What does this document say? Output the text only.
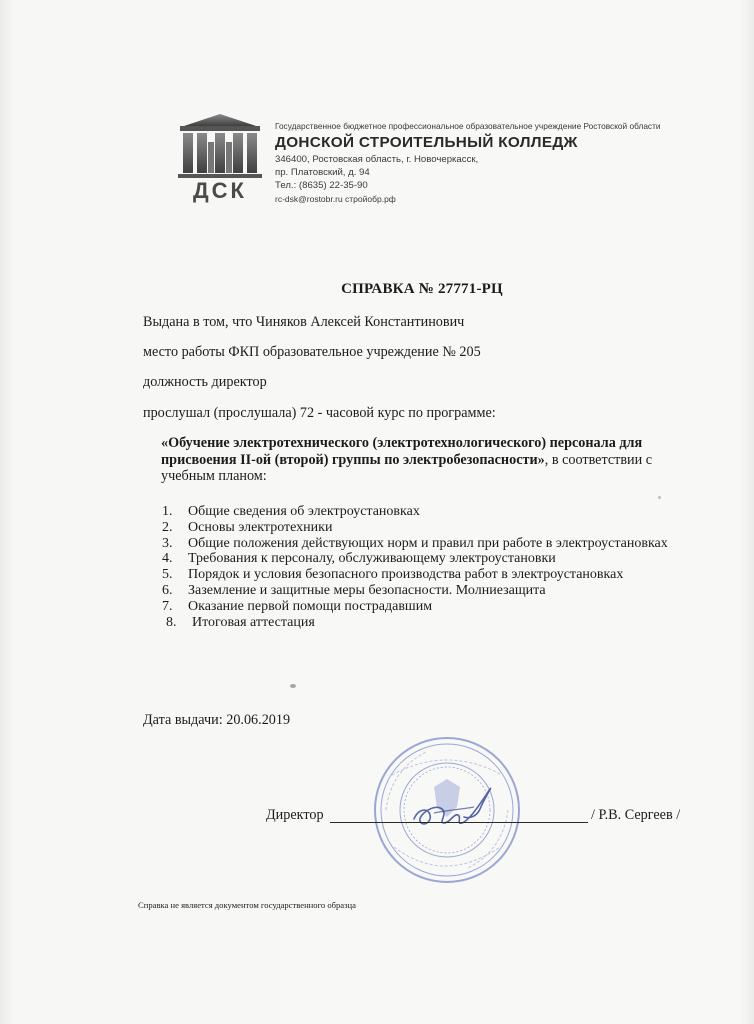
ДСК
Государственное бюджетное профессиональное образовательное учреждение Ростовской области
ДОНСКОЙ СТРОИТЕЛЬНЫЙ КОЛЛЕДЖ
346400, Ростовская область, г. Новочеркасск,
пр. Платовский, д. 94
Тел.: (8635) 22-35-90
rc-dsk@rostobr.ru стройобр.рф
СПРАВКА № 27771-РЦ
Выдана в том, что Чиняков Алексей Константинович
место работы ФКП образовательное учреждение № 205
должность директор
прослушал (прослушала) 72 - часовой курс по программе:
«Обучение электротехнического (электротехнологического) персонала для присвоения II-ой (второй) группы по электробезопасности», в соответствии с учебным планом:
1.	Общие сведения об электроустановках
2.	Основы электротехники
3.	Общие положения действующих норм и правил при работе в электроустановках
4.	Требования к персоналу, обслуживающему электроустановки
5.	Порядок и условия безопасного производства работ в электроустановках
6.	Заземление и защитные меры безопасности. Молниезащита
7.	Оказание первой помощи пострадавшим
8.	Итоговая аттестация
Дата выдачи: 20.06.2019
Директор	/ Р.В. Сергеев /
Справка не является документом государственного образца
